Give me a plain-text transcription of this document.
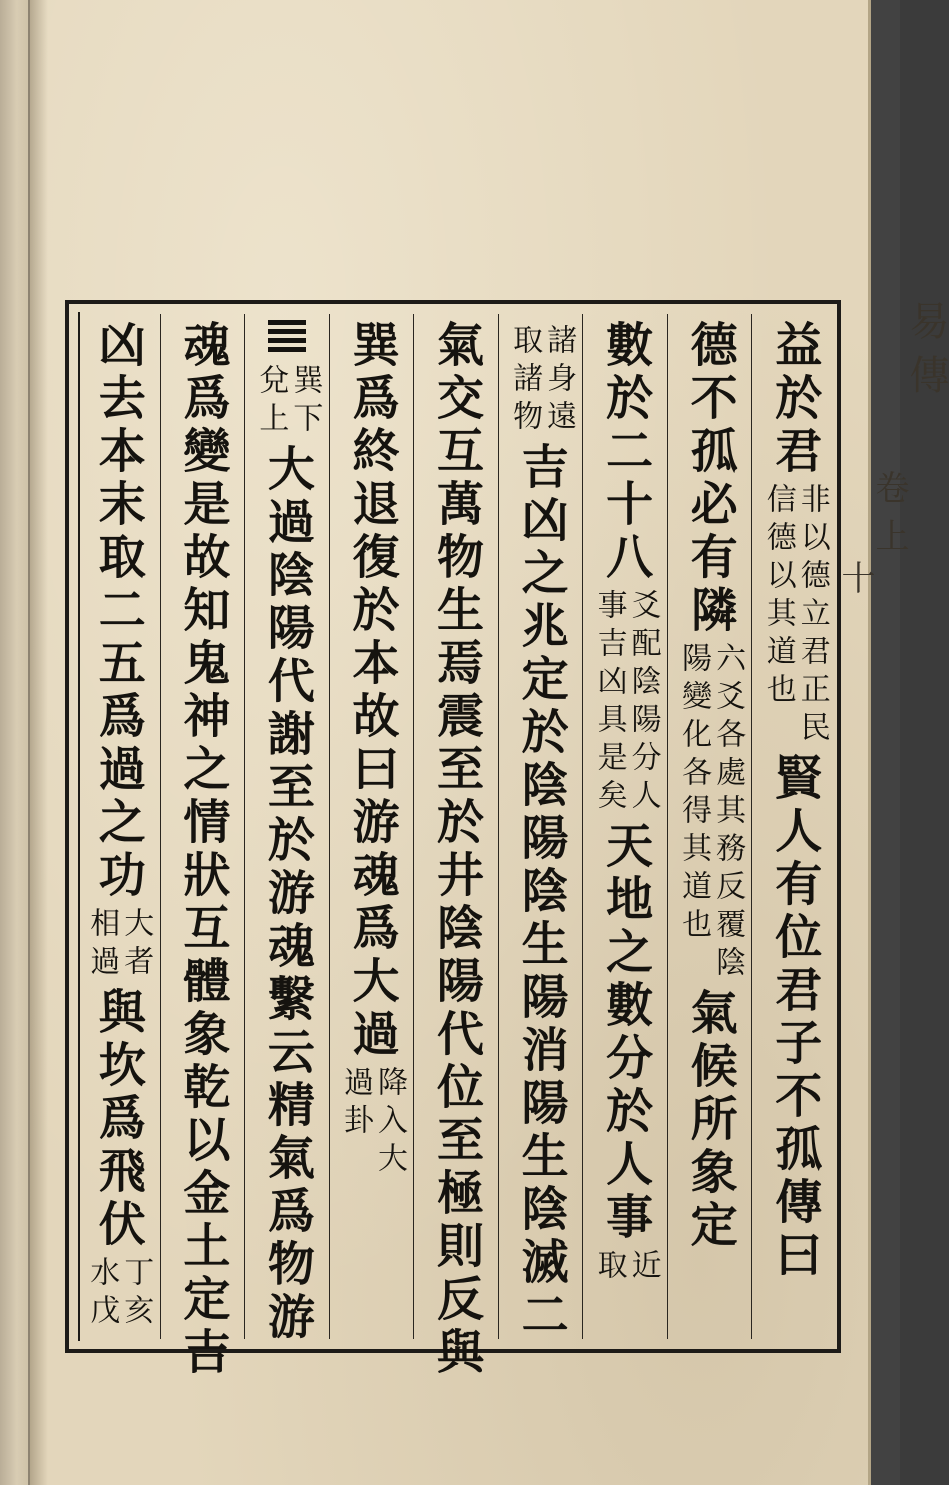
益於君
非以德立君正民
信德以其道也
賢人有位君子不孤傳曰
德不孤必有隣
六爻各處其務反覆陰
陽變化各得其道也
氣候所象定
數於二十八
爻配陰陽分人
事吉凶具是矣
天地之數分於人事
近
取
諸身遠
取諸物
吉凶之兆定於陰陽陰生陽消陽生陰滅二
氣交互萬物生焉震至於井陰陽代位至極則反與
巽爲終退復於本故曰游魂爲大過
降入大
過卦
巽下
兌上
大過陰陽代謝至於游魂繫云精氣爲物游
魂爲變是故知鬼神之情狀互體象乾以金土定吉
凶去本末取二五爲過之功
大者
相過
與坎爲飛伏
丁亥
水戊
易傳
卷上
十
